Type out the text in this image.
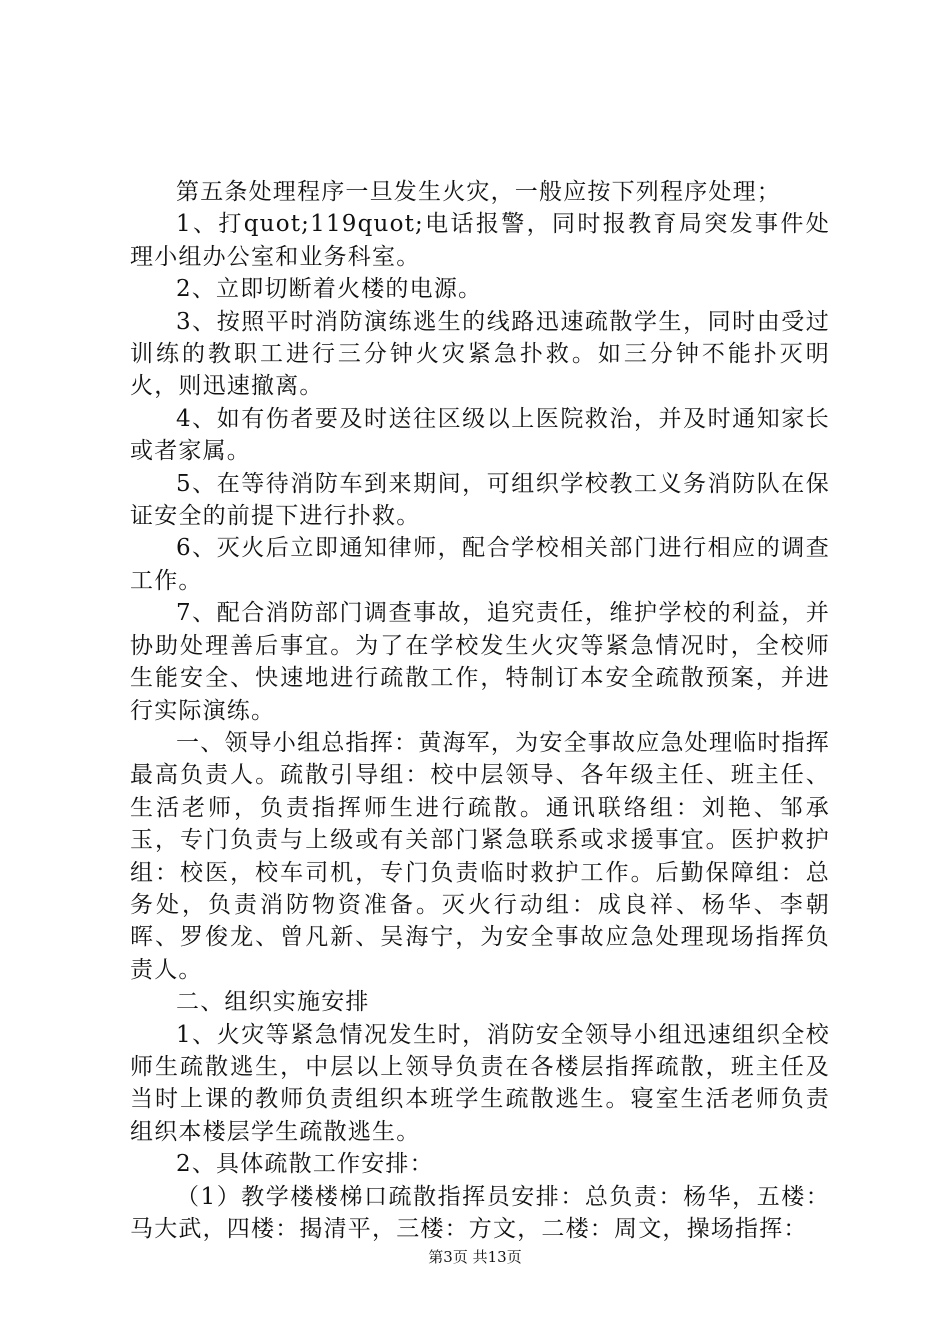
第五条处理程序一旦发生火灾，一般应按下列程序处理；

1、打quot;119quot;电话报警，同时报教育局突发事件处理小组办公室和业务科室。

2、立即切断着火楼的电源。

3、按照平时消防演练逃生的线路迅速疏散学生，同时由受过训练的教职工进行三分钟火灾紧急扑救。如三分钟不能扑灭明火，则迅速撤离。

4、如有伤者要及时送往区级以上医院救治，并及时通知家长或者家属。

5、在等待消防车到来期间，可组织学校教工义务消防队在保证安全的前提下进行扑救。

6、灭火后立即通知律师，配合学校相关部门进行相应的调查工作。

7、配合消防部门调查事故，追究责任，维护学校的利益，并协助处理善后事宜。为了在学校发生火灾等紧急情况时，全校师生能安全、快速地进行疏散工作，特制订本安全疏散预案，并进行实际演练。

一、领导小组总指挥：黄海军，为安全事故应急处理临时指挥最高负责人。疏散引导组：校中层领导、各年级主任、班主任、生活老师，负责指挥师生进行疏散。通讯联络组：刘艳、邹承玉，专门负责与上级或有关部门紧急联系或求援事宜。医护救护组：校医，校车司机，专门负责临时救护工作。后勤保障组：总务处，负责消防物资准备。灭火行动组：成良祥、杨华、李朝晖、罗俊龙、曾凡新、吴海宁，为安全事故应急处理现场指挥负责人。

二、组织实施安排

1、火灾等紧急情况发生时，消防安全领导小组迅速组织全校师生疏散逃生，中层以上领导负责在各楼层指挥疏散，班主任及当时上课的教师负责组织本班学生疏散逃生。寝室生活老师负责组织本楼层学生疏散逃生。

2、具体疏散工作安排：

（1）教学楼楼梯口疏散指挥员安排：总负责：杨华，五楼：马大武，四楼：揭清平，三楼：方文，二楼：周文，操场指挥：

第3页 共13页
